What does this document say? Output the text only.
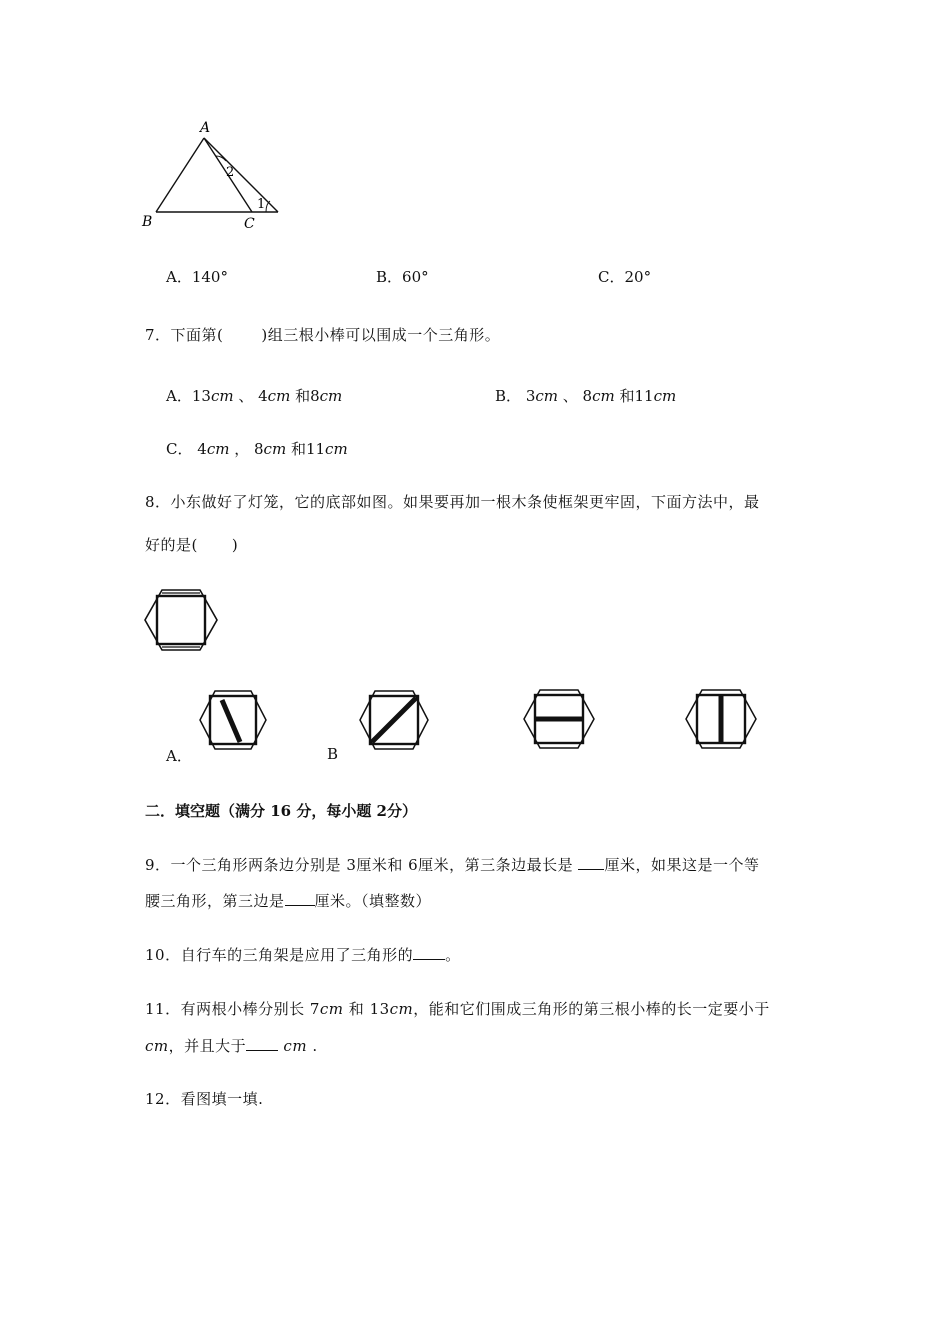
A
B	C
1
2
A．140°	B．60°	C．20°
7．下面第(	)组三根小棒可以围成一个三角形。
A．13cm 、 4cm 和8cm	B． 3cm 、 8cm 和11cm
C． 4cm ， 8cm 和11cm
8．小东做好了灯笼，它的底部如图。如果要再加一根木条使框架更牢固，下面方法中，最
好的是( )
A．	B
二．填空题（满分 16 分，每小题 2分）
9．一个三角形两条边分别是 3厘米和 6厘米，第三条边最长是 厘米，如果这是一个等
腰三角形，第三边是 厘米。（填整数）
10．自行车的三角架是应用了三角形的 。
11．有两根小棒分别长 7cm 和 13cm，能和它们围成三角形的第三根小棒的长一定要小于
cm，并且大于 cm .
12．看图填一填.
